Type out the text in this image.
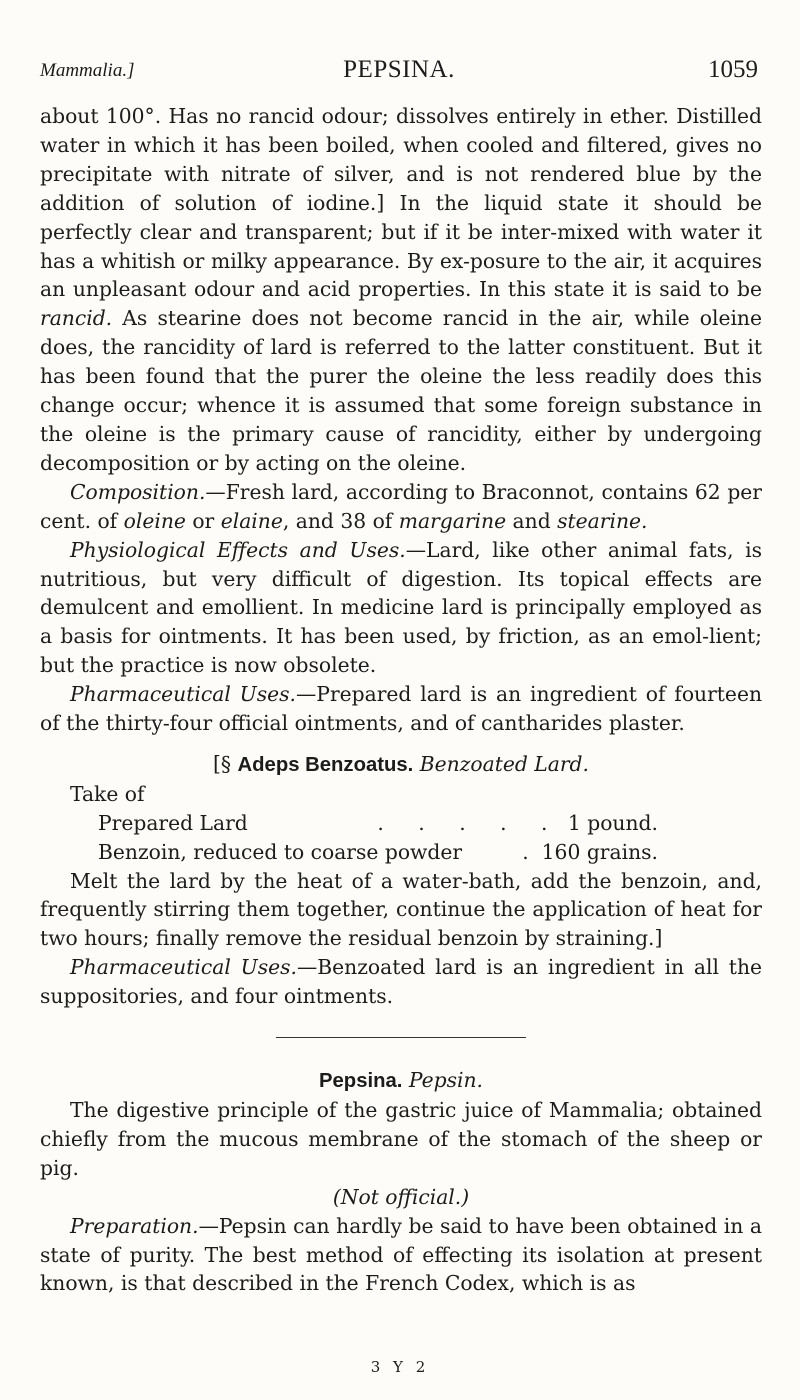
Mammalia.]	PEPSINA.	1059

about 100°. Has no rancid odour; dissolves entirely in ether. Distilled water in which it has been boiled, when cooled and filtered, gives no precipitate with nitrate of silver, and is not rendered blue by the addition of solution of iodine.] In the liquid state it should be perfectly clear and transparent; but if it be inter-mixed with water it has a whitish or milky appearance. By ex-posure to the air, it acquires an unpleasant odour and acid properties. In this state it is said to be rancid. As stearine does not become rancid in the air, while oleine does, the rancidity of lard is referred to the latter constituent. But it has been found that the purer the oleine the less readily does this change occur; whence it is assumed that some foreign substance in the oleine is the primary cause of rancidity, either by undergoing decomposition or by acting on the oleine.

Composition.—Fresh lard, according to Braconnot, contains 62 per cent. of oleine or elaine, and 38 of margarine and stearine.

Physiological Effects and Uses.—Lard, like other animal fats, is nutritious, but very difficult of digestion. Its topical effects are demulcent and emollient. In medicine lard is principally employed as a basis for ointments. It has been used, by friction, as an emol-lient; but the practice is now obsolete.

Pharmaceutical Uses.—Prepared lard is an ingredient of fourteen of the thirty-four official ointments, and of cantharides plaster.

[§ Adeps Benzoatus. Benzoated Lard.

Take of

Prepared Lard	. . . . . 1 pound.
Benzoin, reduced to coarse powder	. 160 grains.

Melt the lard by the heat of a water-bath, add the benzoin, and, frequently stirring them together, continue the application of heat for two hours; finally remove the residual benzoin by straining.]

Pharmaceutical Uses.—Benzoated lard is an ingredient in all the suppositories, and four ointments.

Pepsina. Pepsin.

The digestive principle of the gastric juice of Mammalia; obtained chiefly from the mucous membrane of the stomach of the sheep or pig.

(Not official.)

Preparation.—Pepsin can hardly be said to have been obtained in a state of purity. The best method of effecting its isolation at present known, is that described in the French Codex, which is as

3 Y 2
